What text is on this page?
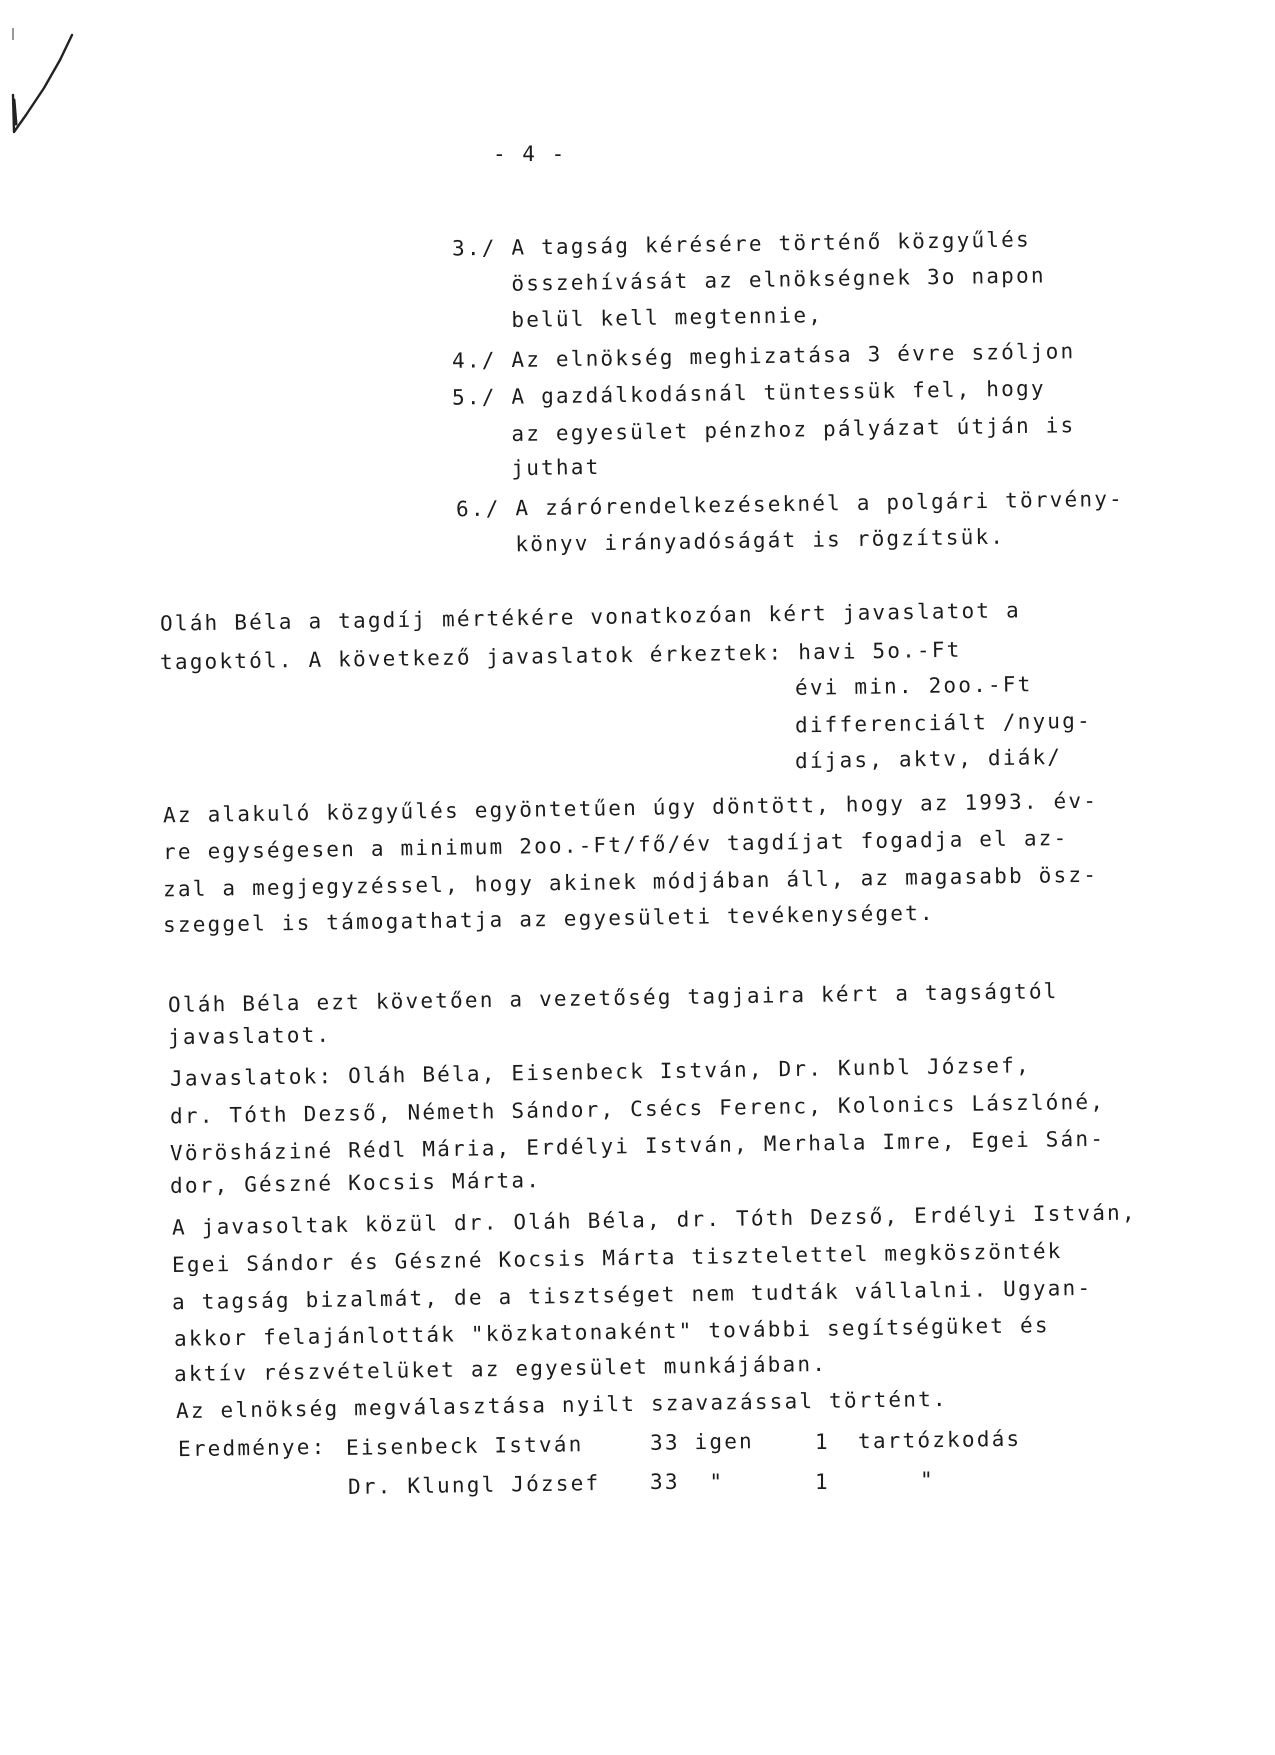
- 4 -
3./ A tagság kérésére történő közgyűlés
összehívását az elnökségnek 3o napon
belül kell megtennie,
4./ Az elnökség meghizatása 3 évre szóljon
5./ A gazdálkodásnál tüntessük fel, hogy
az egyesület pénzhoz pályázat útján is
juthat
6./ A zárórendelkezéseknél a polgári törvény-
könyv irányadóságát is rögzítsük.
Oláh Béla a tagdíj mértékére vonatkozóan kért javaslatot a
tagoktól. A következő javaslatok érkeztek: havi 5o.-Ft
évi min. 2oo.-Ft
differenciált /nyug-
díjas, aktv, diák/
Az alakuló közgyűlés egyöntetűen úgy döntött, hogy az 1993. év-
re egységesen a minimum 2oo.-Ft/fő/év tagdíjat fogadja el az-
zal a megjegyzéssel, hogy akinek módjában áll, az magasabb ösz-
szeggel is támogathatja az egyesületi tevékenységet.
Oláh Béla ezt követően a vezetőség tagjaira kért a tagságtól
javaslatot.
Javaslatok: Oláh Béla, Eisenbeck István, Dr. Kunbl József,
dr. Tóth Dezső, Németh Sándor, Csécs Ferenc, Kolonics Lászlóné,
Vörösháziné Rédl Mária, Erdélyi István, Merhala Imre, Egei Sán-
dor, Gészné Kocsis Márta.
A javasoltak közül dr. Oláh Béla, dr. Tóth Dezső, Erdélyi István,
Egei Sándor és Gészné Kocsis Márta tisztelettel megköszönték
a tagság bizalmát, de a tisztséget nem tudták vállalni. Ugyan-
akkor felajánlották "közkatonaként" további segítségüket és
aktív részvételüket az egyesület munkájában.
Az elnökség megválasztása nyilt szavazással történt.
Eredménye: Eisenbeck István	33 igen	1 tartózkodás
Dr. Klungl József 33  "	1	"
